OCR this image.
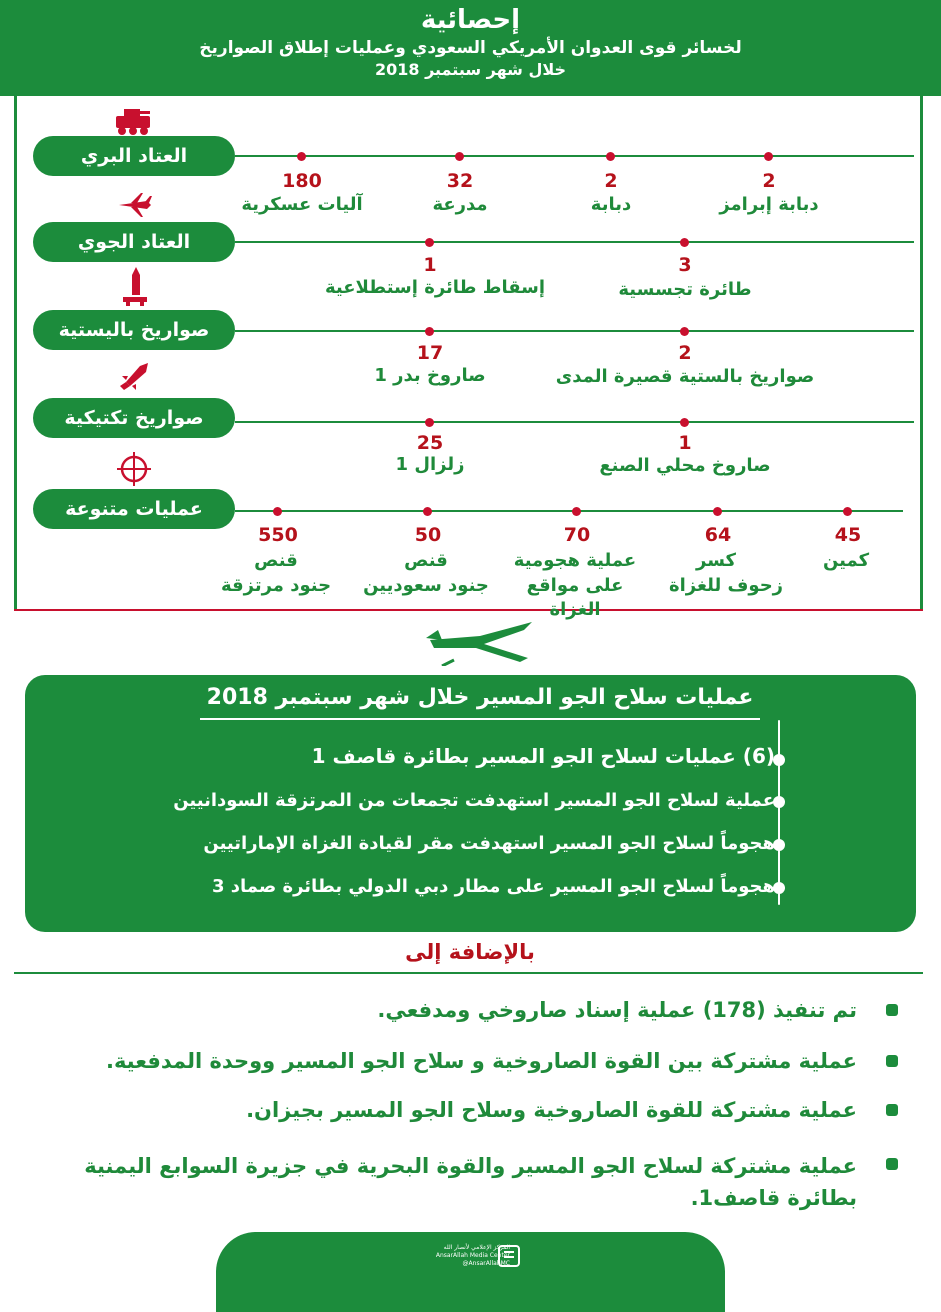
إحصائية
لخسائر قوى العدوان الأمريكي السعودي وعمليات إطلاق الصواريخ
خلال شهر سبتمبر 2018
العتاد البري
2
2
32
180
دبابة إبرامز
دبابة
مدرعة
آليات عسكرية
العتاد الجوي
3
1
طائرة تجسسية
إسقاط طائرة إستطلاعية
صواريخ باليستية
2
17
صواريخ بالستية قصيرة المدى
صاروخ بدر 1
صواريخ تكتيكية
1
25
صاروخ محلي الصنع
زلزال 1
عمليات متنوعة
45
64
70
50
550
كمين
كسر
زحوف للغزاة
عملية هجومية
على مواقع الغزاة
قنص
جنود سعوديين
قنص
جنود مرتزقة
عمليات سلاح الجو المسير خلال شهر سبتمبر 2018
(6) عمليات لسلاح الجو المسير بطائرة قاصف 1
عملية لسلاح الجو المسير استهدفت تجمعات من المرتزقة السودانيين
هجوماً لسلاح الجو المسير استهدفت مقر لقيادة الغزاة الإماراتيين
هجوماً لسلاح الجو المسير على مطار دبي الدولي بطائرة صماد 3
بالإضافة إلى
تم تنفيذ (178) عملية إسناد صاروخي ومدفعي.
عملية مشتركة بين القوة الصاروخية و سلاح الجو المسير ووحدة المدفعية.
عملية مشتركة للقوة الصاروخية وسلاح الجو المسير بجيزان.
عملية مشتركة لسلاح الجو المسير والقوة البحرية في جزيرة السوابع اليمنية بطائرة قاصف1.
المركز الإعلامي لأنصار الله
AnsarAllah Media Center
@AnsarAllahMC
